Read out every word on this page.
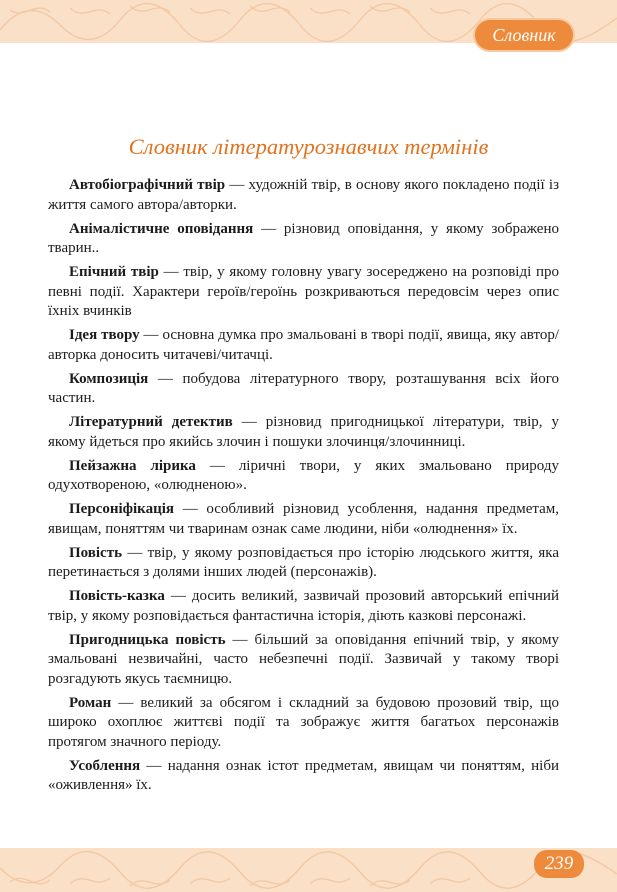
Словник
Словник літературознавчих термінів

Автобіографічний твір — художній твір, в основу якого покладено події із життя самого автора/авторки.

Анімалістичне оповідання — різновид оповідання, у якому зображено тварин..

Епічний твір — твір, у якому головну увагу зосереджено на розповіді про певні події. Характери героїв/героїнь розкриваються передовсім через опис їхніх вчинків

Ідея твору — основна думка про змальовані в творі події, явища, яку автор/авторка доносить читачеві/читачці.

Композиція — побудова літературного твору, розташування всіх його частин.

Літературний детектив — різновид пригодницької літератури, твір, у якому йдеться про якийсь злочин і пошуки злочинця/злочинниці.

Пейзажна лірика — ліричні твори, у яких змальовано природу одухотвореною, «олюдненою».

Персоніфікація — особливий різновид усоблення, надання предметам, явищам, поняттям чи тваринам ознак саме людини, ніби «олюднення» їх.

Повість — твір, у якому розповідається про історію людського життя, яка перетинається з долями інших людей (персонажів).

Повість-казка — досить великий, зазвичай прозовий авторський епічний твір, у якому розповідається фантастична історія, діють казкові персонажі.

Пригодницька повість — більший за оповідання епічний твір, у якому змальовані незвичайні, часто небезпечні події. Зазвичай у такому творі розгадують якусь таємницю.

Роман — великий за обсягом і складний за будовою прозовий твір, що широко охоплює життєві події та зображує життя багатьох персонажів протягом значного періоду.

Усоблення — надання ознак істот предметам, явищам чи поняттям, ніби «оживлення» їх.

239
